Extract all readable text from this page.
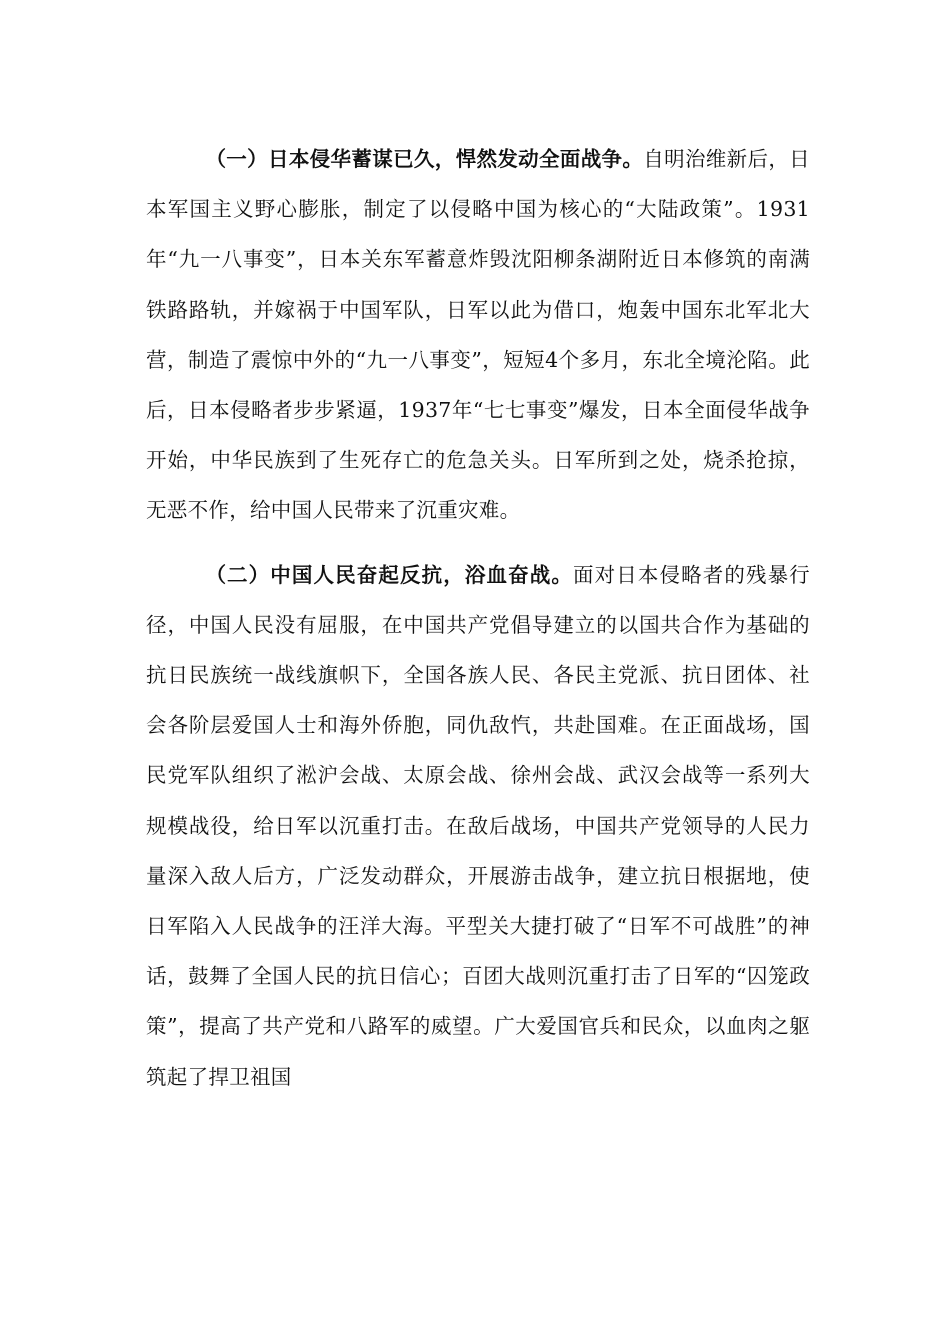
（一）日本侵华蓄谋已久，悍然发动全面战争。自明治维新后，日本军国主义野心膨胀，制定了以侵略中国为核心的“大陆政策”。1931年“九一八事变”，日本关东军蓄意炸毁沈阳柳条湖附近日本修筑的南满铁路路轨，并嫁祸于中国军队，日军以此为借口，炮轰中国东北军北大营，制造了震惊中外的“九一八事变”，短短4个多月，东北全境沦陷。此后，日本侵略者步步紧逼，1937年“七七事变”爆发，日本全面侵华战争开始，中华民族到了生死存亡的危急关头。日军所到之处，烧杀抢掠，无恶不作，给中国人民带来了沉重灾难。

（二）中国人民奋起反抗，浴血奋战。面对日本侵略者的残暴行径，中国人民没有屈服，在中国共产党倡导建立的以国共合作为基础的抗日民族统一战线旗帜下，全国各族人民、各民主党派、抗日团体、社会各阶层爱国人士和海外侨胞，同仇敌忾，共赴国难。在正面战场，国民党军队组织了淞沪会战、太原会战、徐州会战、武汉会战等一系列大规模战役，给日军以沉重打击。在敌后战场，中国共产党领导的人民力量深入敌人后方，广泛发动群众，开展游击战争，建立抗日根据地，使日军陷入人民战争的汪洋大海。平型关大捷打破了“日军不可战胜”的神话，鼓舞了全国人民的抗日信心；百团大战则沉重打击了日军的“囚笼政策”，提高了共产党和八路军的威望。广大爱国官兵和民众，以血肉之躯筑起了捍卫祖国
